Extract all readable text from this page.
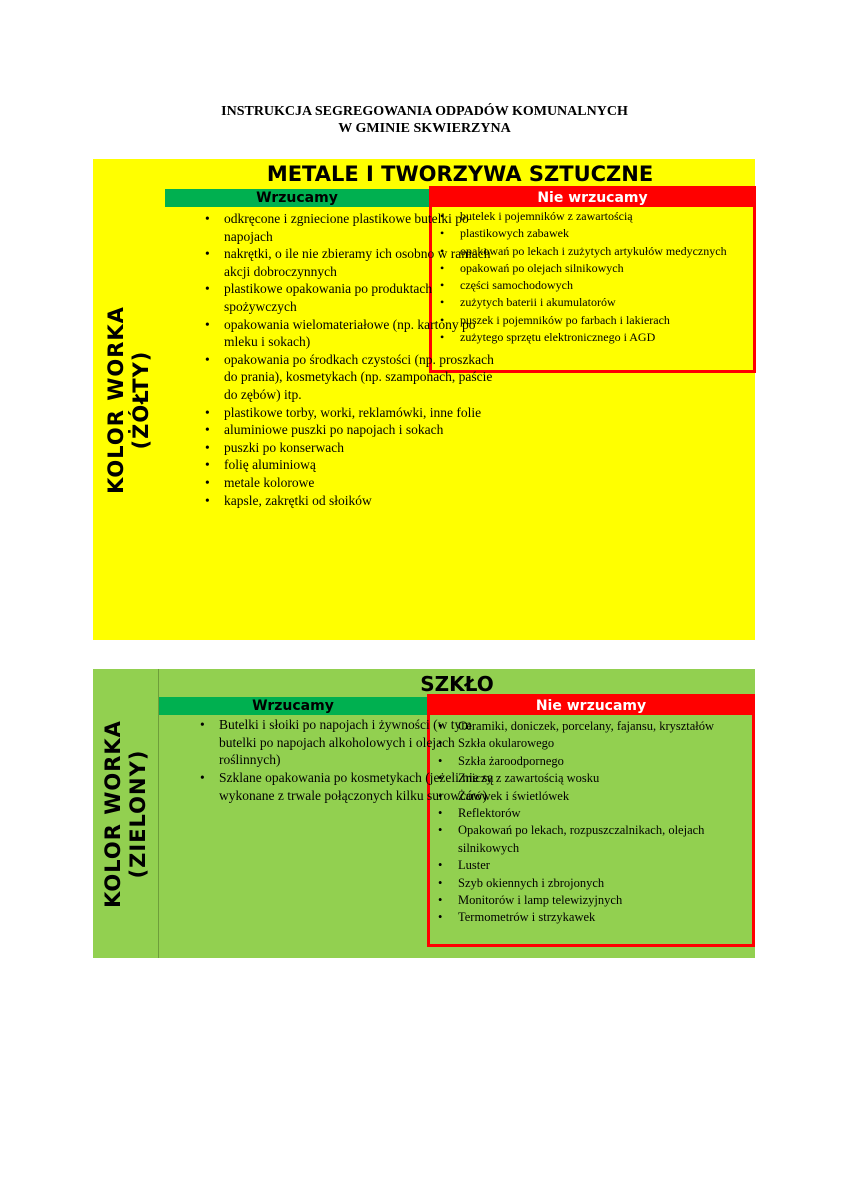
INSTRUKCJA SEGREGOWANIA ODPADÓW KOMUNALNYCH
W GMINIE SKWIERZYNA
KOLOR WORKA (ŻÓŁTY)
METALE I TWORZYWA SZTUCZNE
Wrzucamy	Nie wrzucamy
• odkręcone i zgniecione plastikowe butelki po napojach
• nakrętki, o ile nie zbieramy ich osobno w ramach akcji dobroczynnych
• plastikowe opakowania po produktach spożywczych
• opakowania wielomateriałowe (np. kartony po mleku i sokach)
• opakowania po środkach czystości (np. proszkach do prania), kosmetykach (np. szamponach, paście do zębów) itp.
• plastikowe torby, worki, reklamówki, inne folie
• aluminiowe puszki po napojach i sokach
• puszki po konserwach
• folię aluminiową
• metale kolorowe
• kapsle, zakrętki od słoików
• butelek i pojemników z zawartością
• plastikowych zabawek
• opakowań po lekach i zużytych artykułów medycznych
• opakowań po olejach silnikowych
• części samochodowych
• zużytych baterii i akumulatorów
• puszek i pojemników po farbach i lakierach
• zużytego sprzętu elektronicznego i AGD
KOLOR WORKA (ZIELONY)
SZKŁO
Wrzucamy	Nie wrzucamy
• Butelki i słoiki po napojach i żywności (w tym butelki po napojach alkoholowych i olejach roślinnych)
• Szklane opakowania po kosmetykach (jeżeli nie są wykonane z trwale połączonych kilku surowców)
• Ceramiki, doniczek, porcelany, fajansu, kryształów
• Szkła okularowego
• Szkła żaroodpornego
• Zniczy z zawartością wosku
• Żarówek i świetlówek
• Reflektorów
• Opakowań po lekach, rozpuszczalnikach, olejach silnikowych
• Luster
• Szyb okiennych i zbrojonych
• Monitorów i lamp telewizyjnych
• Termometrów i strzykawek
